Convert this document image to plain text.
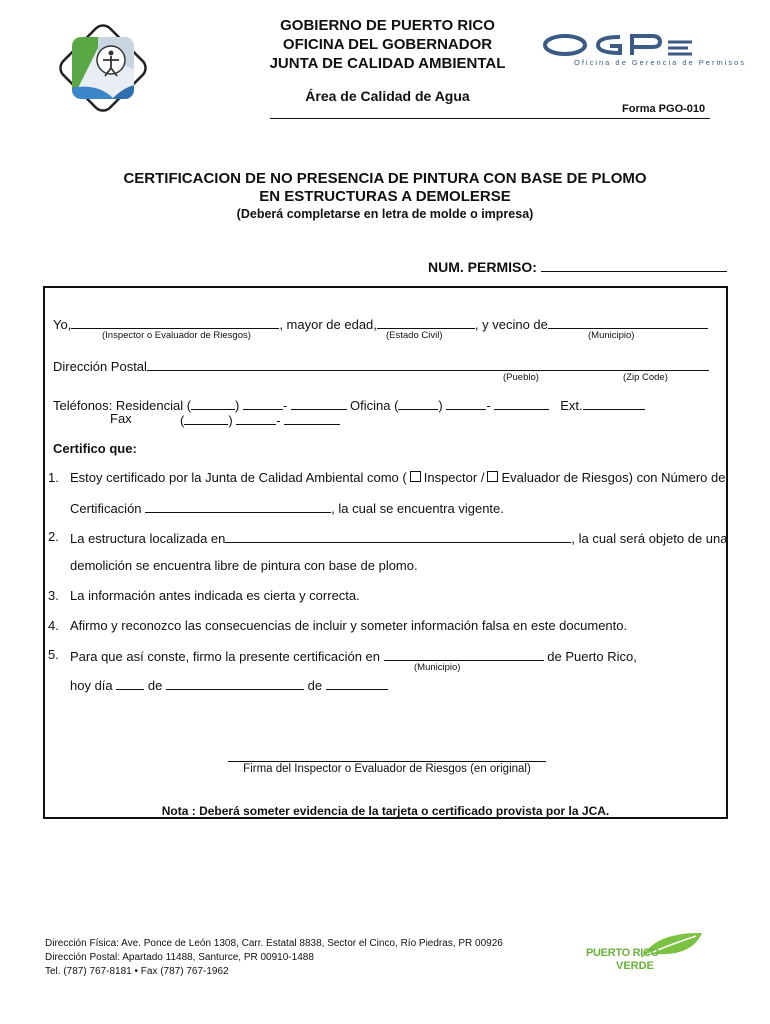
GOBIERNO DE PUERTO RICO
OFICINA DEL GOBERNADOR
JUNTA DE CALIDAD AMBIENTAL
Área de Calidad de Agua
Oficina de Gerencia de Permisos
Forma PGO-010
CERTIFICACION DE NO PRESENCIA DE PINTURA CON BASE DE PLOMO
EN ESTRUCTURAS A DEMOLERSE
(Deberá completarse en letra de molde o impresa)
NUM. PERMISO:
Yo,	, mayor de edad,	, y vecino de
(Inspector o Evaluador de Riesgos)	(Estado Civil)	(Municipio)
Dirección Postal
(Pueblo)	(Zip Code)
Teléfonos: Residencial (	)	-	Oficina (	)	-	Ext.
Fax	(	)	-
Certifico que:
1. Estoy certificado por la Junta de Calidad Ambiental como ( Inspector / Evaluador de Riesgos) con Número de
Certificación	, la cual se encuentra vigente.
2. La estructura localizada en	, la cual será objeto de una
demolición se encuentra libre de pintura con base de plomo.
3. La información antes indicada es cierta y correcta.
4. Afirmo y reconozco las consecuencias de incluir y someter información falsa en este documento.
5. Para que así conste, firmo la presente certificación en	de Puerto Rico,
(Municipio)
hoy día	de	de
Firma del Inspector o Evaluador de Riesgos (en original)
Nota : Deberá someter evidencia de la tarjeta o certificado provista por la JCA.
Dirección Física: Ave. Ponce de León 1308, Carr. Estatal 8838, Sector el Cinco, Río Piedras, PR 00926
Dirección Postal: Apartado 11488, Santurce, PR 00910-1488
Tel. (787) 767-8181 • Fax (787) 767-1962
PUERTO RICO
VERDE
